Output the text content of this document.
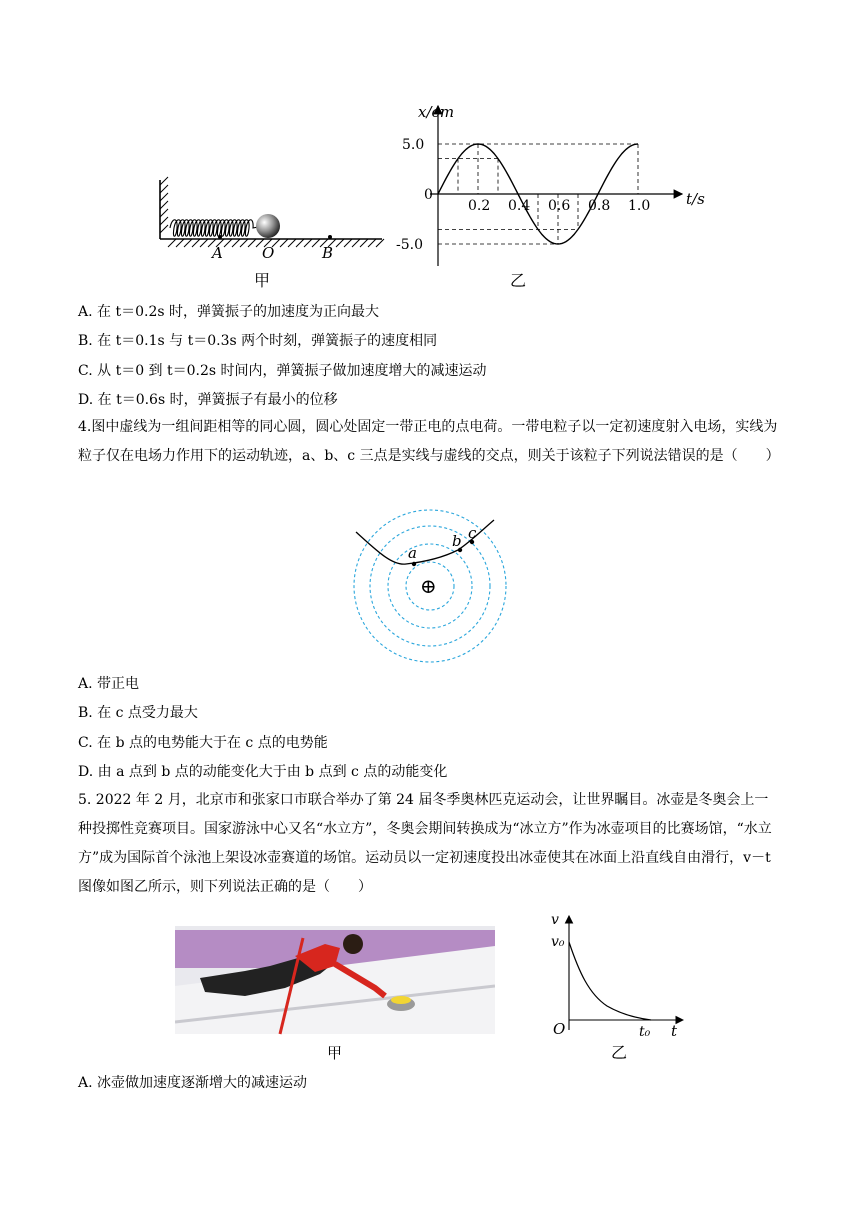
A	O	B
甲
0.2 0.4 0.6 0.8 1.0
5.0
-5.0
x/cm
t/s
0
乙
A. 在 t＝0.2s 时，弹簧振子的加速度为正向最大
B. 在 t＝0.1s 与 t＝0.3s 两个时刻，弹簧振子的速度相同
C. 从 t＝0 到 t＝0.2s 时间内，弹簧振子做加速度增大的减速运动
D. 在 t＝0.6s 时，弹簧振子有最小的位移
4.图中虚线为一组间距相等的同心圆，圆心处固定一带正电的点电荷。一带电粒子以一定初速度射入电场，实线为粒子仅在电场力作用下的运动轨迹，a、b、c 三点是实线与虚线的交点，则关于该粒子下列说法错误的是（　　）
a
b c
⊕
A. 带正电
B. 在 c 点受力最大
C. 在 b 点的电势能大于在 c 点的电势能
D. 由 a 点到 b 点的动能变化大于由 b 点到 c 点的动能变化
5. 2022 年 2 月，北京市和张家口市联合举办了第 24 届冬季奥林匹克运动会，让世界瞩目。冰壶是冬奥会上一种投掷性竞赛项目。国家游泳中心又名“水立方”，冬奥会期间转换成为“冰立方”作为冰壶项目的比赛场馆，“水立方”成为国际首个泳池上架设冰壶赛道的场馆。运动员以一定初速度投出冰壶使其在冰面上沿直线自由滑行，v－t 图像如图乙所示，则下列说法正确的是（　　）
甲
v
v₀
O	t₀ t
乙
A. 冰壶做加速度逐渐增大的减速运动
